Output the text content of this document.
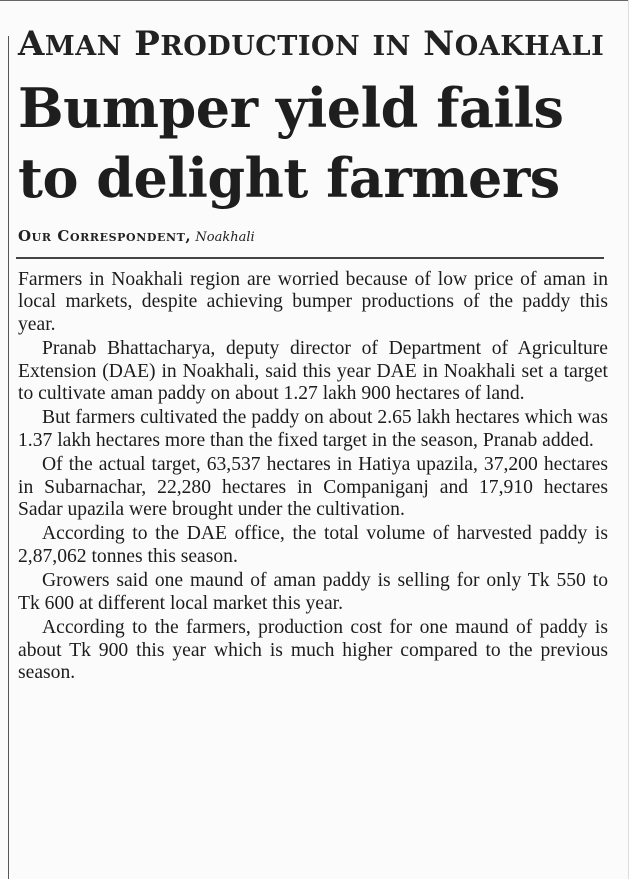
AMAN PRODUCTION IN NOAKHALI
Bumper yield fails
to delight farmers
Our Correspondent, Noakhali

Farmers in Noakhali region are worried because of low price of aman in local markets, despite achieving bumper productions of the paddy this year.

Pranab Bhattacharya, deputy director of Department of Agriculture Extension (DAE) in Noakhali, said this year DAE in Noakhali set a target to cultivate aman paddy on about 1.27 lakh 900 hectares of land.

But farmers cultivated the paddy on about 2.65 lakh hectares which was 1.37 lakh hectares more than the fixed target in the season, Pranab added.

Of the actual target, 63,537 hectares in Hatiya upazila, 37,200 hectares in Subarnachar, 22,280 hectares in Companiganj and 17,910 hectares Sadar upazila were brought under the cultivation.

According to the DAE office, the total volume of harvested paddy is 2,87,062 tonnes this season.

Growers said one maund of aman paddy is selling for only Tk 550 to Tk 600 at different local market this year.

According to the farmers, production cost for one maund of paddy is about Tk 900 this year which is much higher compared to the previous season.
